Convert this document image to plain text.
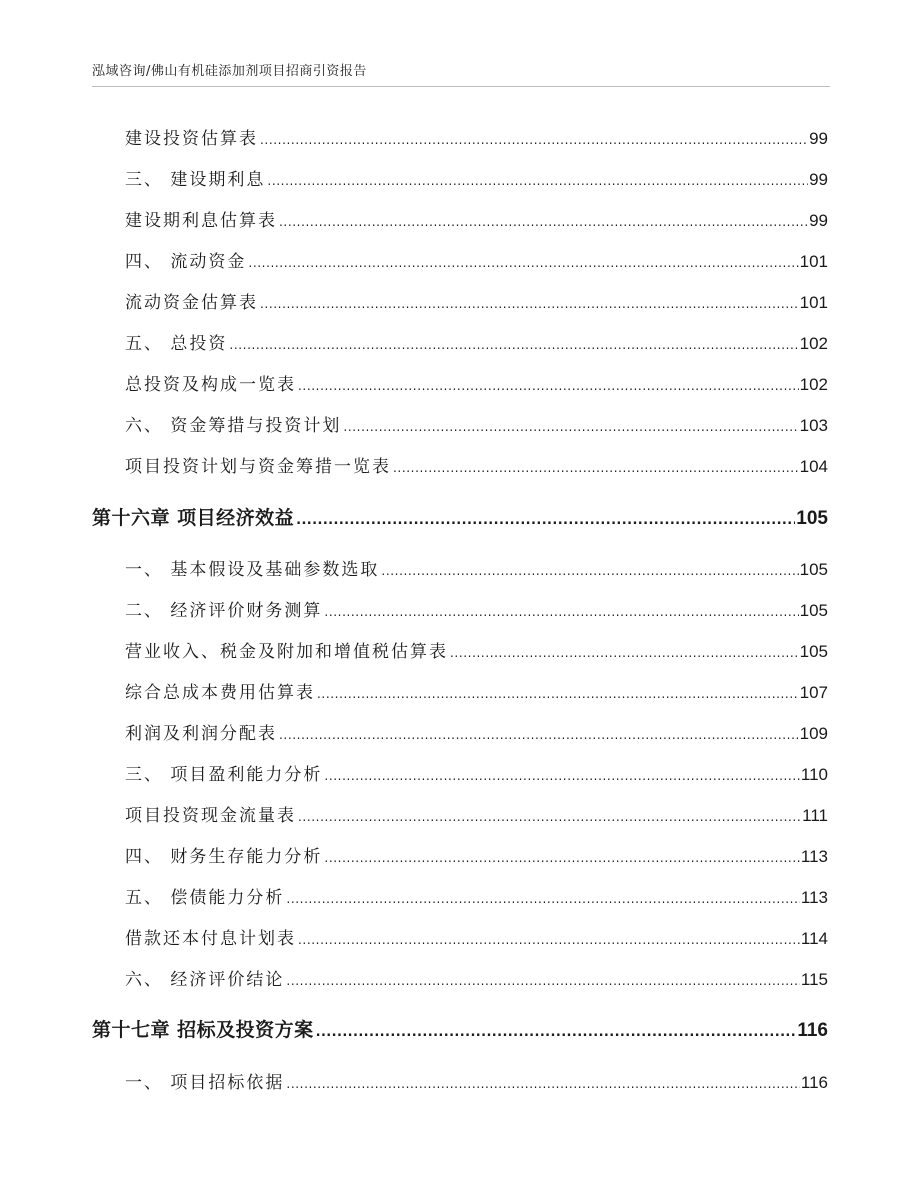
泓域咨询/佛山有机硅添加剂项目招商引资报告
建设投资估算表 .....	99
三、 建设期利息 .....	99
建设期利息估算表 .....	99
四、 流动资金 .....	101
流动资金估算表 .....	101
五、 总投资 .....	102
总投资及构成一览表 .....	102
六、 资金筹措与投资计划 .....	103
项目投资计划与资金筹措一览表 .....	104
第十六章 项目经济效益 .....	105
一、 基本假设及基础参数选取 .....	105
二、 经济评价财务测算 .....	105
营业收入、税金及附加和增值税估算表 .....	105
综合总成本费用估算表 .....	107
利润及利润分配表 .....	109
三、 项目盈利能力分析 .....	110
项目投资现金流量表 .....	111
四、 财务生存能力分析 .....	113
五、 偿债能力分析 .....	113
借款还本付息计划表 .....	114
六、 经济评价结论 .....	115
第十七章 招标及投资方案 .....	116
一、 项目招标依据 .....	116
